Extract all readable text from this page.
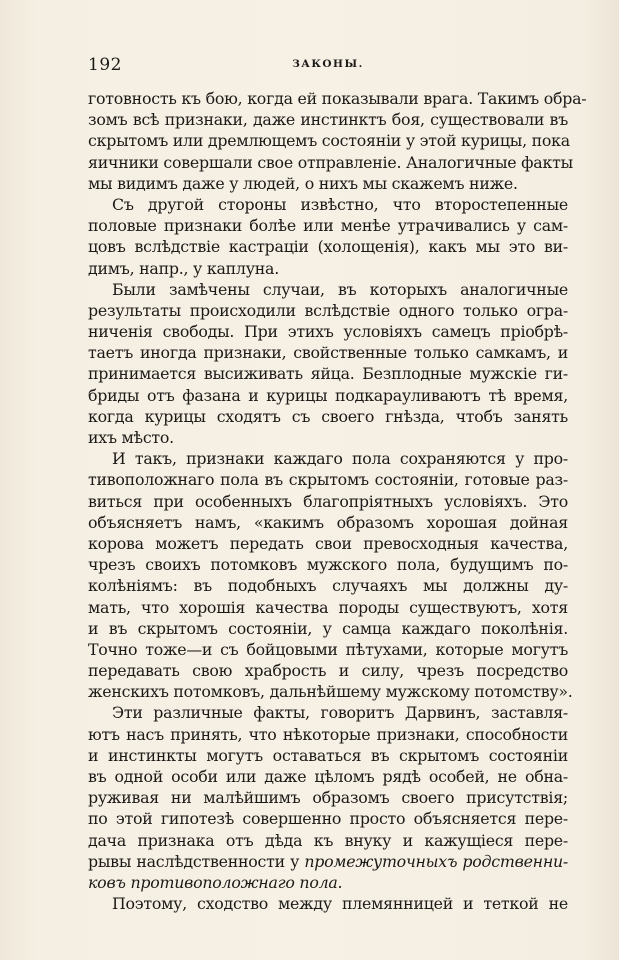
192	ЗАКОНЫ.
готовность къ бою, когда ей показывали врага. Такимъ обра-
зомъ всѣ признаки, даже инстинктъ боя, существовали въ
скрытомъ или дремлющемъ состоянiи у этой курицы, пока
яичники совершали свое отправленiе. Аналогичные факты
мы видимъ даже у людей, о нихъ мы скажемъ ниже.
Съ другой стороны извѣстно, что второстепенные
половые признаки болѣе или менѣе утрачивались у сам-
цовъ вслѣдствiе кастрацiи (холощенiя), какъ мы это ви-
димъ, напр., у каплуна.
Были замѣчены случаи, въ которыхъ аналогичные
результаты происходили вслѣдствiе одного только огра-
ниченiя свободы. При этихъ условiяхъ самецъ прiобрѣ-
таетъ иногда признаки, свойственные только самкамъ, и
принимается высиживать яйца. Безплодные мужскiе ги-
бриды отъ фазана и курицы подкарауливаютъ тѣ время,
когда курицы сходятъ съ своего гнѣзда, чтобъ занять
ихъ мѣсто.
И такъ, признаки каждаго пола сохраняются у про-
тивоположнаго пола въ скрытомъ состоянiи, готовые раз-
виться при особенныхъ благопрiятныхъ условiяхъ. Это
объясняетъ намъ, «какимъ образомъ хорошая дойная
корова можетъ передать свои превосходныя качества,
чрезъ своихъ потомковъ мужского пола, будущимъ по-
колѣнiямъ: въ подобныхъ случаяхъ мы должны ду-
мать, что хорошiя качества породы существуютъ, хотя
и въ скрытомъ состоянiи, у самца каждаго поколѣнiя.
Точно тоже—и съ бойцовыми пѣтухами, которые могутъ
передавать свою храбрость и силу, чрезъ посредство
женскихъ потомковъ, дальнѣйшему мужскому потомству».
Эти различные факты, говоритъ Дарвинъ, заставля-
ютъ насъ принять, что нѣкоторые признаки, способности
и инстинкты могутъ оставаться въ скрытомъ состоянiи
въ одной особи или даже цѣломъ рядѣ особей, не обна-
руживая ни малѣйшимъ образомъ своего присутствiя;
по этой гипотезѣ совершенно просто объясняется пере-
дача признака отъ дѣда къ внуку и кажущiеся пере-
рывы наслѣдственности у промежуточныхъ родственни-
ковъ противоположнаго пола.
Поэтому, сходство между племянницей и теткой не
